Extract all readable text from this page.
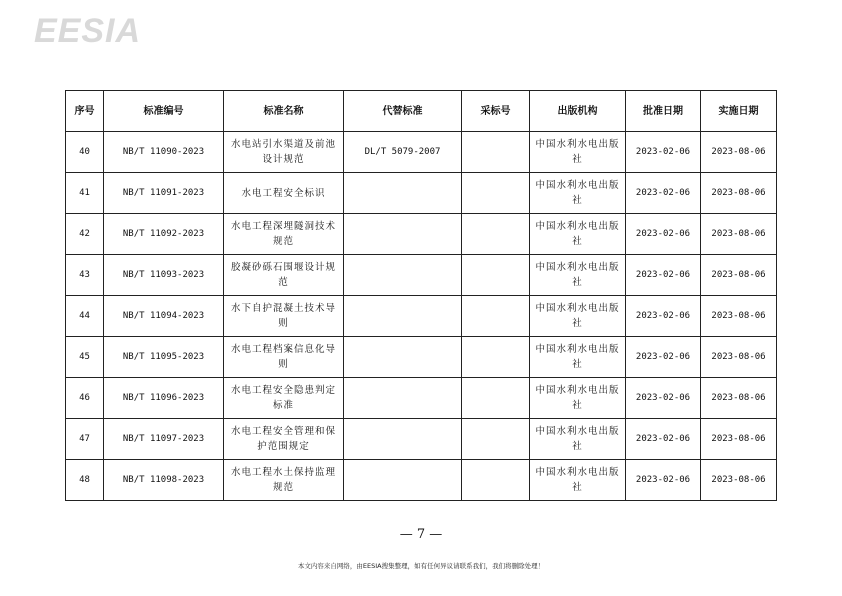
EESIA
序号	标准编号	标准名称	代替标准	采标号	出版机构	批准日期	实施日期
40	NB/T 11090-2023	水电站引水渠道及前池设计规范	DL/T 5079-2007		中国水利水电出版社	2023-02-06	2023-08-06
41	NB/T 11091-2023	水电工程安全标识			中国水利水电出版社	2023-02-06	2023-08-06
42	NB/T 11092-2023	水电工程深埋隧洞技术规范			中国水利水电出版社	2023-02-06	2023-08-06
43	NB/T 11093-2023	胶凝砂砾石围堰设计规范			中国水利水电出版社	2023-02-06	2023-08-06
44	NB/T 11094-2023	水下自护混凝土技术导则			中国水利水电出版社	2023-02-06	2023-08-06
45	NB/T 11095-2023	水电工程档案信息化导则			中国水利水电出版社	2023-02-06	2023-08-06
46	NB/T 11096-2023	水电工程安全隐患判定标准			中国水利水电出版社	2023-02-06	2023-08-06
47	NB/T 11097-2023	水电工程安全管理和保护范围规定			中国水利水电出版社	2023-02-06	2023-08-06
48	NB/T 11098-2023	水电工程水土保持监理规范			中国水利水电出版社	2023-02-06	2023-08-06
— 7 —
本文内容来自网络，由EESIA搜集整理，如有任何异议请联系我们，我们将删除处理！
